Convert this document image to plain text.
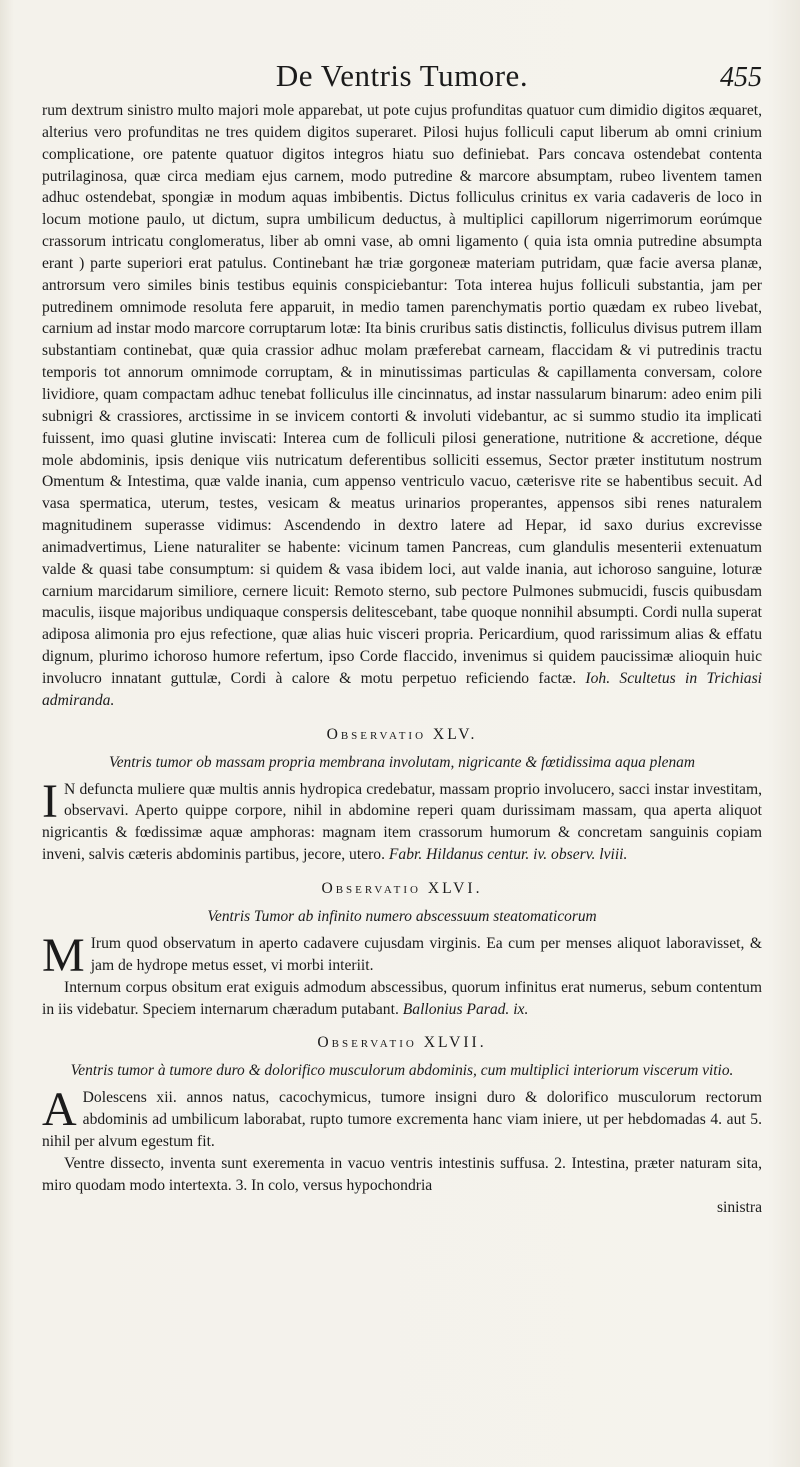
De Ventris Tumore.	455

rum dextrum sinistro multo majori mole apparebat, ut pote cujus profunditas quatuor cum dimidio digitos æquaret, alterius vero profunditas ne tres quidem digitos superaret. Pilosi hujus folliculi caput liberum ab omni crinium complicatione, ore patente quatuor digitos integros hiatu suo definiebat. Pars concava ostendebat contenta putrilaginosa, quæ circa mediam ejus carnem, modo putredine & marcore absumptam, rubeo liventem tamen adhuc ostendebat, spongiæ in modum aquas imbibentis. Dictus folliculus crinitus ex varia cadaveris de loco in locum motione paulo, ut dictum, supra umbilicum deductus, à multiplici capillorum nigerrimorum eorúmque crassorum intricatu conglomeratus, liber ab omni vase, ab omni ligamento ( quia ista omnia putredine absumpta erant ) parte superiori erat patulus. Continebant hæ triæ gorgoneæ materiam putridam, quæ facie aversa planæ, antrorsum vero similes binis testibus equinis conspiciebantur: Tota interea hujus folliculi substantia, jam per putredinem omnimode resoluta fere apparuit, in medio tamen parenchymatis portio quædam ex rubeo livebat, carnium ad instar modo marcore corruptarum lotæ: Ita binis cruribus satis distinctis, folliculus divisus putrem illam substantiam continebat, quæ quia crassior adhuc molam præferebat carneam, flaccidam & vi putredinis tractu temporis tot annorum omnimode corruptam, & in minutissimas particulas & capillamenta conversam, colore lividiore, quam compactam adhuc tenebat folliculus ille cincinnatus, ad instar nassularum binarum: adeo enim pili subnigri & crassiores, arctissime in se invicem contorti & involuti videbantur, ac si summo studio ita implicati fuissent, imo quasi glutine inviscati: Interea cum de folliculi pilosi generatione, nutritione & accretione, déque mole abdominis, ipsis denique viis nutricatum deferentibus solliciti essemus, Sector præter institutum nostrum Omentum & Intestima, quæ valde inania, cum appenso ventriculo vacuo, cæterisve rite se habentibus secuit. Ad vasa spermatica, uterum, testes, vesicam & meatus urinarios properantes, appensos sibi renes naturalem magnitudinem superasse vidimus: Ascendendo in dextro latere ad Hepar, id saxo durius excrevisse animadvertimus, Liene naturaliter se habente: vicinum tamen Pancreas, cum glandulis mesenterii extenuatum valde & quasi tabe consumptum: si quidem & vasa ibidem loci, aut valde inania, aut ichoroso sanguine, loturæ carnium marcidarum similiore, cernere licuit: Remoto sterno, sub pectore Pulmones submucidi, fuscis quibusdam maculis, iisque majoribus undiquaque conspersis delitescebant, tabe quoque nonnihil absumpti. Cordi nulla superat adiposa alimonia pro ejus refectione, quæ alias huic visceri propria. Pericardium, quod rarissimum alias & effatu dignum, plurimo ichoroso humore refertum, ipso Corde flaccido, invenimus si quidem paucissimæ alioquin huic involucro innatant guttulæ, Cordi à calore & motu perpetuo reficiendo factæ. Ioh. Scultetus in Trichiasi admiranda.

Observatio XLV.
Ventris tumor ob massam propria membrana involutam, nigricante & fœtidissima aqua plenam

I N defuncta muliere quæ multis annis hydropica credebatur, massam proprio involucero, sacci instar investitam, observavi. Aperto quippe corpore, nihil in abdomine reperi quam durissimam massam, qua aperta aliquot nigricantis & fœdissimæ aquæ amphoras: magnam item crassorum humorum & concretam sanguinis copiam inveni, salvis cæteris abdominis partibus, jecore, utero. Fabr. Hildanus centur. iv. observ. lviii.

Observatio XLVI.
Ventris Tumor ab infinito numero abscessuum steatomaticorum

M Irum quod observatum in aperto cadavere cujusdam virginis. Ea cum per menses aliquot laboravisset, & jam de hydrope metus esset, vi morbi interiit.

Internum corpus obsitum erat exiguis admodum abscessibus, quorum infinitus erat numerus, sebum contentum in iis videbatur. Speciem internarum chæradum putabant. Ballonius Parad. ix.

Observatio XLVII.
Ventris tumor à tumore duro & dolorifico musculorum abdominis, cum multiplici interiorum viscerum vitio.

A Dolescens xii. annos natus, cacochymicus, tumore insigni duro & dolorifico musculorum rectorum abdominis ad umbilicum laborabat, rupto tumore excrementa hanc viam iniere, ut per hebdomadas 4. aut 5. nihil per alvum egestum fit.

Ventre dissecto, inventa sunt exerementa in vacuo ventris intestinis suffusa. 2. Intestina, præter naturam sita, miro quodam modo intertexta. 3. In colo, versus hypochondria

sinistra
